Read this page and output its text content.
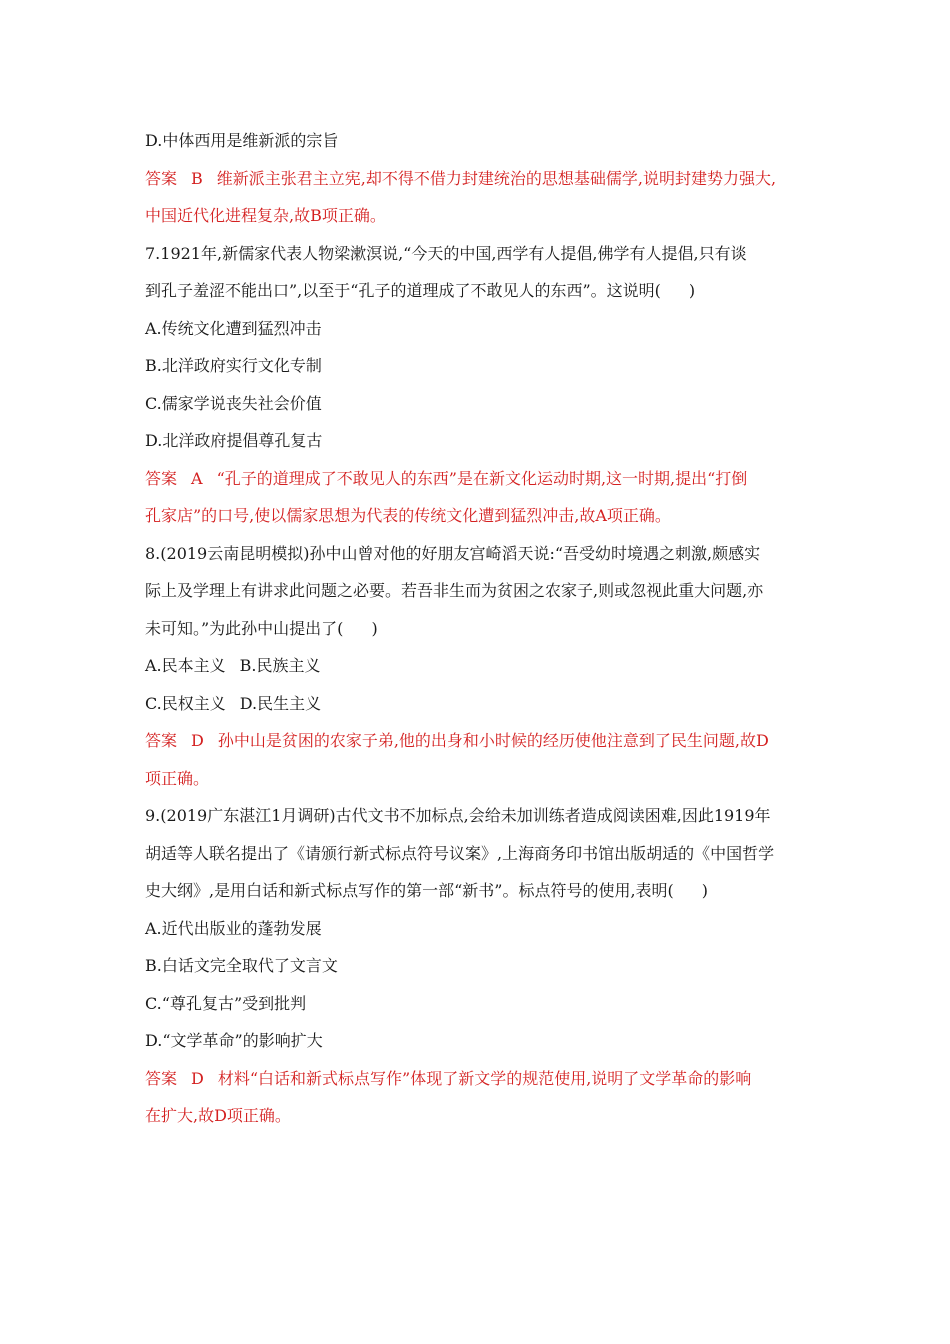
D.中体西用是维新派的宗旨
答案 B 维新派主张君主立宪,却不得不借力封建统治的思想基础儒学,说明封建势力强大,
中国近代化进程复杂,故B项正确。
7.1921年,新儒家代表人物梁漱溟说,“今天的中国,西学有人提倡,佛学有人提倡,只有谈
到孔子羞涩不能出口”,以至于“孔子的道理成了不敢见人的东西”。这说明( )
A.传统文化遭到猛烈冲击
B.北洋政府实行文化专制
C.儒家学说丧失社会价值
D.北洋政府提倡尊孔复古
答案 A “孔子的道理成了不敢见人的东西”是在新文化运动时期,这一时期,提出“打倒
孔家店”的口号,使以儒家思想为代表的传统文化遭到猛烈冲击,故A项正确。
8.(2019云南昆明模拟)孙中山曾对他的好朋友宫崎滔天说:“吾受幼时境遇之刺激,颇感实
际上及学理上有讲求此问题之必要。若吾非生而为贫困之农家子,则或忽视此重大问题,亦
未可知。”为此孙中山提出了( )
A.民本主义 B.民族主义
C.民权主义 D.民生主义
答案 D 孙中山是贫困的农家子弟,他的出身和小时候的经历使他注意到了民生问题,故D
项正确。
9.(2019广东湛江1月调研)古代文书不加标点,会给未加训练者造成阅读困难,因此1919年
胡适等人联名提出了《请颁行新式标点符号议案》,上海商务印书馆出版胡适的《中国哲学
史大纲》,是用白话和新式标点写作的第一部“新书”。标点符号的使用,表明( )
A.近代出版业的蓬勃发展
B.白话文完全取代了文言文
C.“尊孔复古”受到批判
D.“文学革命”的影响扩大
答案 D 材料“白话和新式标点写作”体现了新文学的规范使用,说明了文学革命的影响
在扩大,故D项正确。
